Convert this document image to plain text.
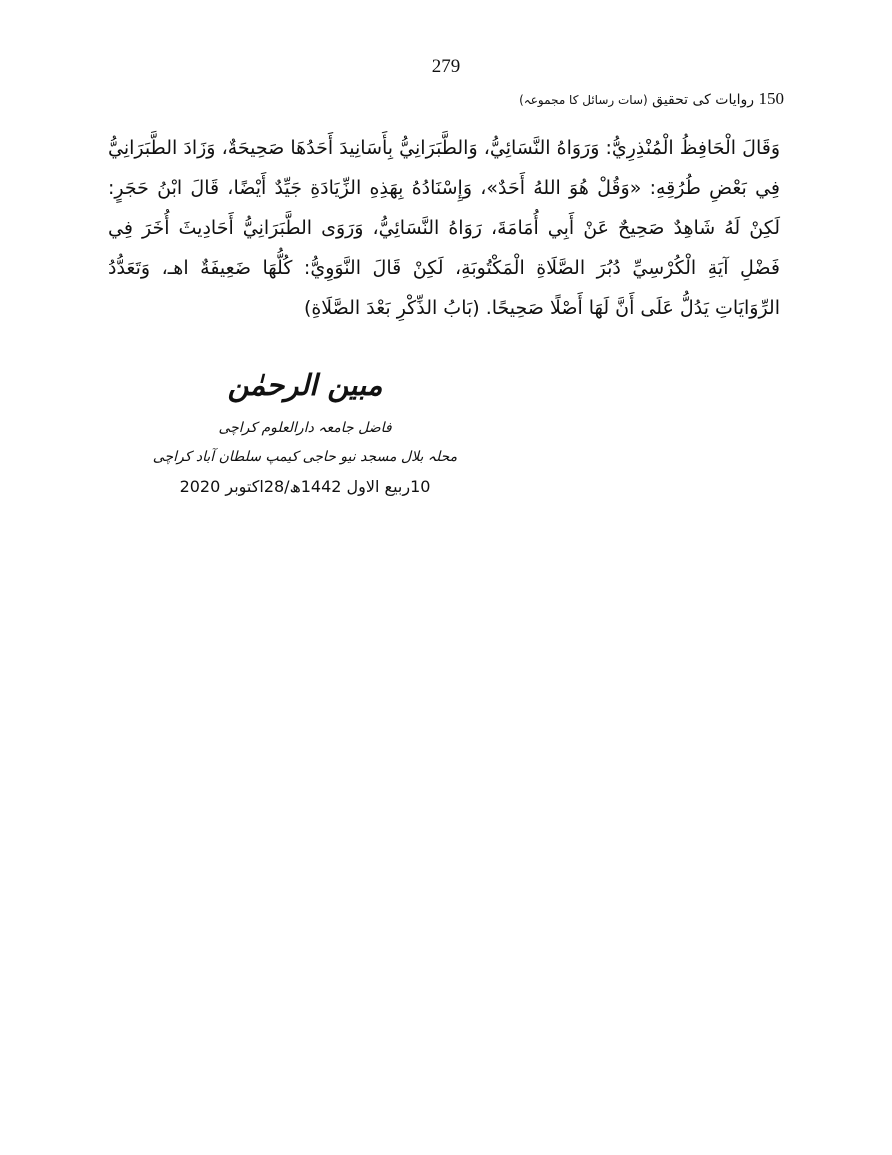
279
150 روایات کی تحقیق (سات رسائل کا مجموعہ)

وَقَالَ الْحَافِظُ الْمُنْذِرِيُّ: وَرَوَاهُ النَّسَائِيُّ، وَالطَّبَرَانِيُّ بِأَسَانِيدَ أَحَدُهَا صَحِيحَةٌ، وَزَادَ الطَّبَرَانِيُّ فِي بَعْضِ طُرُقِهِ: «وَقُلْ هُوَ اللهُ أَحَدٌ»، وَإِسْنَادُهُ بِهَذِهِ الزِّيَادَةِ جَيِّدٌ أَيْضًا، قَالَ ابْنُ حَجَرٍ: لَكِنْ لَهُ شَاهِدٌ صَحِيحٌ عَنْ أَبِي أُمَامَةَ، رَوَاهُ النَّسَائِيُّ، وَرَوَى الطَّبَرَانِيُّ أَحَادِيثَ أُخَرَ فِي فَضْلِ آيَةِ الْكُرْسِيِّ دُبُرَ الصَّلَاةِ الْمَكْتُوبَةِ، لَكِنْ قَالَ النَّوَوِيُّ: كُلُّهَا ضَعِيفَةٌ اهـ، وَتَعَدُّدُ الرِّوَايَاتِ يَدُلُّ عَلَى أَنَّ لَهَا أَصْلًا صَحِيحًا. (بَابُ الذِّكْرِ بَعْدَ الصَّلَاةِ)

مبین الرحمٰن
فاضل جامعہ دارالعلوم کراچی
محلہ بلال مسجد نیو حاجی کیمپ سلطان آباد کراچی
10ربیع الاول 1442ھ/28اکتوبر 2020
